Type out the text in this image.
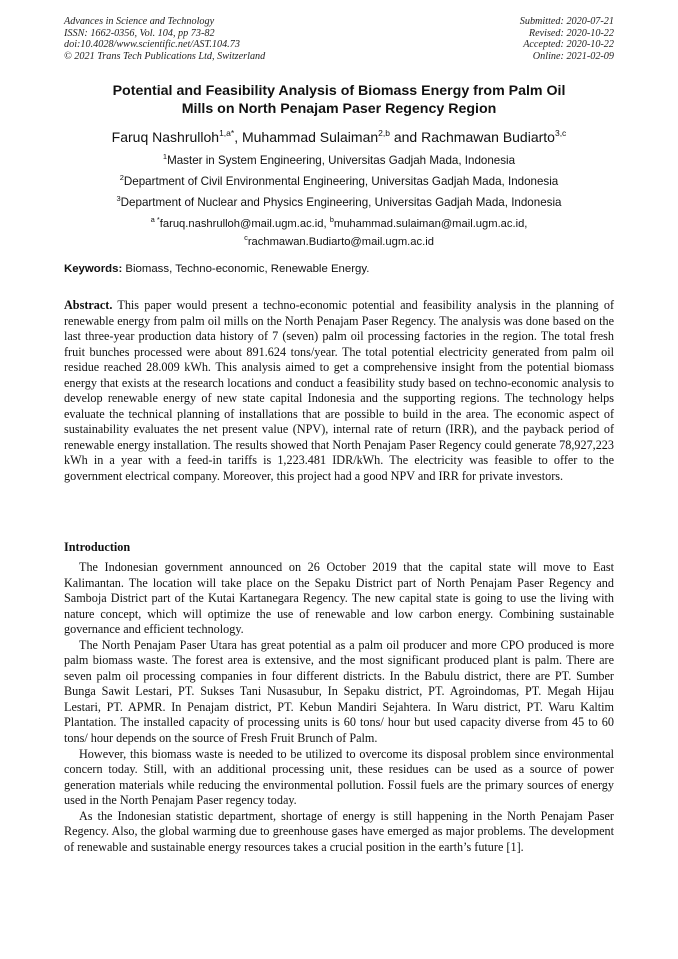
Advances in Science and Technology
ISSN: 1662-0356, Vol. 104, pp 73-82
doi:10.4028/www.scientific.net/AST.104.73
© 2021 Trans Tech Publications Ltd, Switzerland
Submitted: 2020-07-21
Revised: 2020-10-22
Accepted: 2020-10-22
Online: 2021-02-09
Potential and Feasibility Analysis of Biomass Energy from Palm Oil
Mills on North Penajam Paser Regency Region
Faruq Nashrulloh$^{1,a*}$, Muhammad Sulaiman$^{2,b}$ and Rachmawan Budiarto$^{3,c}$
$^1$Master in System Engineering, Universitas Gadjah Mada, Indonesia
$^2$Department of Civil Environmental Engineering, Universitas Gadjah Mada, Indonesia
$^3$Department of Nuclear and Physics Engineering, Universitas Gadjah Mada, Indonesia
$^{a *}$faruq.nashrulloh@mail.ugm.ac.id, $^b$muhammad.sulaiman@mail.ugm.ac.id,
$^c$rachmawan.Budiarto@mail.ugm.ac.id
Keywords: Biomass, Techno-economic, Renewable Energy.
Abstract. This paper would present a techno-economic potential and feasibility analysis in the planning of renewable energy from palm oil mills on the North Penajam Paser Regency. The analysis was done based on the last three-year production data history of 7 (seven) palm oil processing factories in the region. The total fresh fruit bunches processed were about 891.624 tons/year. The total potential electricity generated from palm oil residue reached 28.009 kWh. This analysis aimed to get a comprehensive insight from the potential biomass energy that exists at the research locations and conduct a feasibility study based on techno-economic analysis to develop renewable energy of new state capital Indonesia and the supporting regions. The technology helps evaluate the technical planning of installations that are possible to build in the area. The economic aspect of sustainability evaluates the net present value (NPV), internal rate of return (IRR), and the payback period of renewable energy installation. The results showed that North Penajam Paser Regency could generate 78,927,223 kWh in a year with a feed-in tariffs is 1,223.481 IDR/kWh. The electricity was feasible to offer to the government electrical company. Moreover, this project had a good NPV and IRR for private investors.
Introduction

The Indonesian government announced on 26 October 2019 that the capital state will move to East Kalimantan. The location will take place on the Sepaku District part of North Penajam Paser Regency and Samboja District part of the Kutai Kartanegara Regency. The new capital state is going to use the living with nature concept, which will optimize the use of renewable and low carbon energy. Combining sustainable governance and efficient technology.

The North Penajam Paser Utara has great potential as a palm oil producer and more CPO produced is more palm biomass waste. The forest area is extensive, and the most significant produced plant is palm. There are seven palm oil processing companies in four different districts. In the Babulu district, there are PT. Sumber Bunga Sawit Lestari, PT. Sukses Tani Nusasubur, In Sepaku district, PT. Agroindomas, PT. Megah Hijau Lestari, PT. APMR. In Penajam district, PT. Kebun Mandiri Sejahtera. In Waru district, PT. Waru Kaltim Plantation. The installed capacity of processing units is 60 tons/ hour but used capacity diverse from 45 to 60 tons/ hour depends on the source of Fresh Fruit Brunch of Palm.

However, this biomass waste is needed to be utilized to overcome its disposal problem since environmental concern today. Still, with an additional processing unit, these residues can be used as a source of power generation materials while reducing the environmental pollution. Fossil fuels are the primary sources of energy used in the North Penajam Paser regency today.

As the Indonesian statistic department, shortage of energy is still happening in the North Penajam Paser Regency. Also, the global warming due to greenhouse gases have emerged as major problems. The development of renewable and sustainable energy resources takes a crucial position in the earth’s future [1].
